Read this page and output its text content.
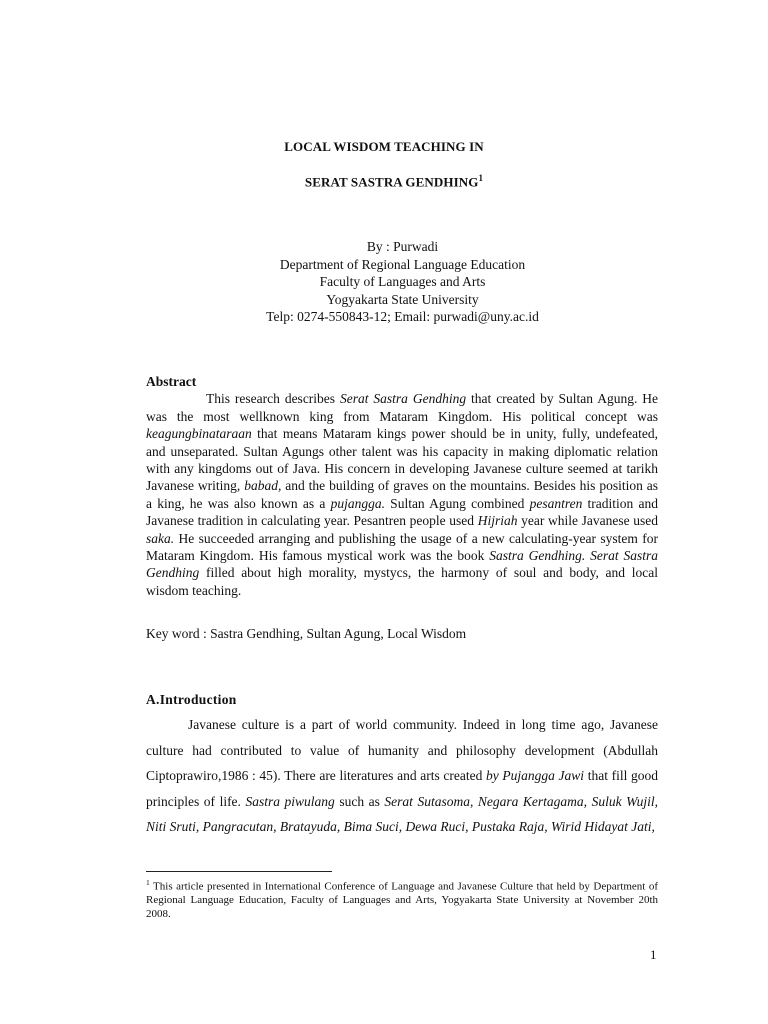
LOCAL WISDOM TEACHING IN
SERAT SASTRA GENDHING$^1$
By : Purwadi
Department of Regional Language Education
Faculty of Languages and Arts
Yogyakarta State University
Telp: 0274-550843-12; Email: purwadi@uny.ac.id
Abstract

This research describes Serat Sastra Gendhing that created by Sultan Agung. He was the most wellknown king from Mataram Kingdom. His political concept was keagungbinataraan that means Mataram kings power should be in unity, fully, undefeated, and unseparated. Sultan Agungs other talent was his capacity in making diplomatic relation with any kingdoms out of Java. His concern in developing Javanese culture seemed at tarikh Javanese writing, babad, and the building of graves on the mountains. Besides his position as a king, he was also known as a pujangga. Sultan Agung combined pesantren tradition and Javanese tradition in calculating year. Pesantren people used Hijriah year while Javanese used saka. He succeeded arranging and publishing the usage of a new calculating-year system for Mataram Kingdom. His famous mystical work was the book Sastra Gendhing. Serat Sastra Gendhing filled about high morality, mystycs, the harmony of soul and body, and local wisdom teaching.

Key word : Sastra Gendhing, Sultan Agung, Local Wisdom
A.Introduction

Javanese culture is a part of world community. Indeed in long time ago, Javanese culture had contributed to value of humanity and philosophy development (Abdullah Ciptoprawiro,1986 : 45). There are literatures and arts created by Pujangga Jawi that fill good principles of life. Sastra piwulang such as Serat Sutasoma, Negara Kertagama, Suluk Wujil, Niti Sruti, Pangracutan, Bratayuda, Bima Suci, Dewa Ruci, Pustaka Raja, Wirid Hidayat Jati,

$^1$ This article presented in International Conference of Language and Javanese Culture that held by Department of Regional Language Education, Faculty of Languages and Arts, Yogyakarta State University at November 20th 2008.
1
